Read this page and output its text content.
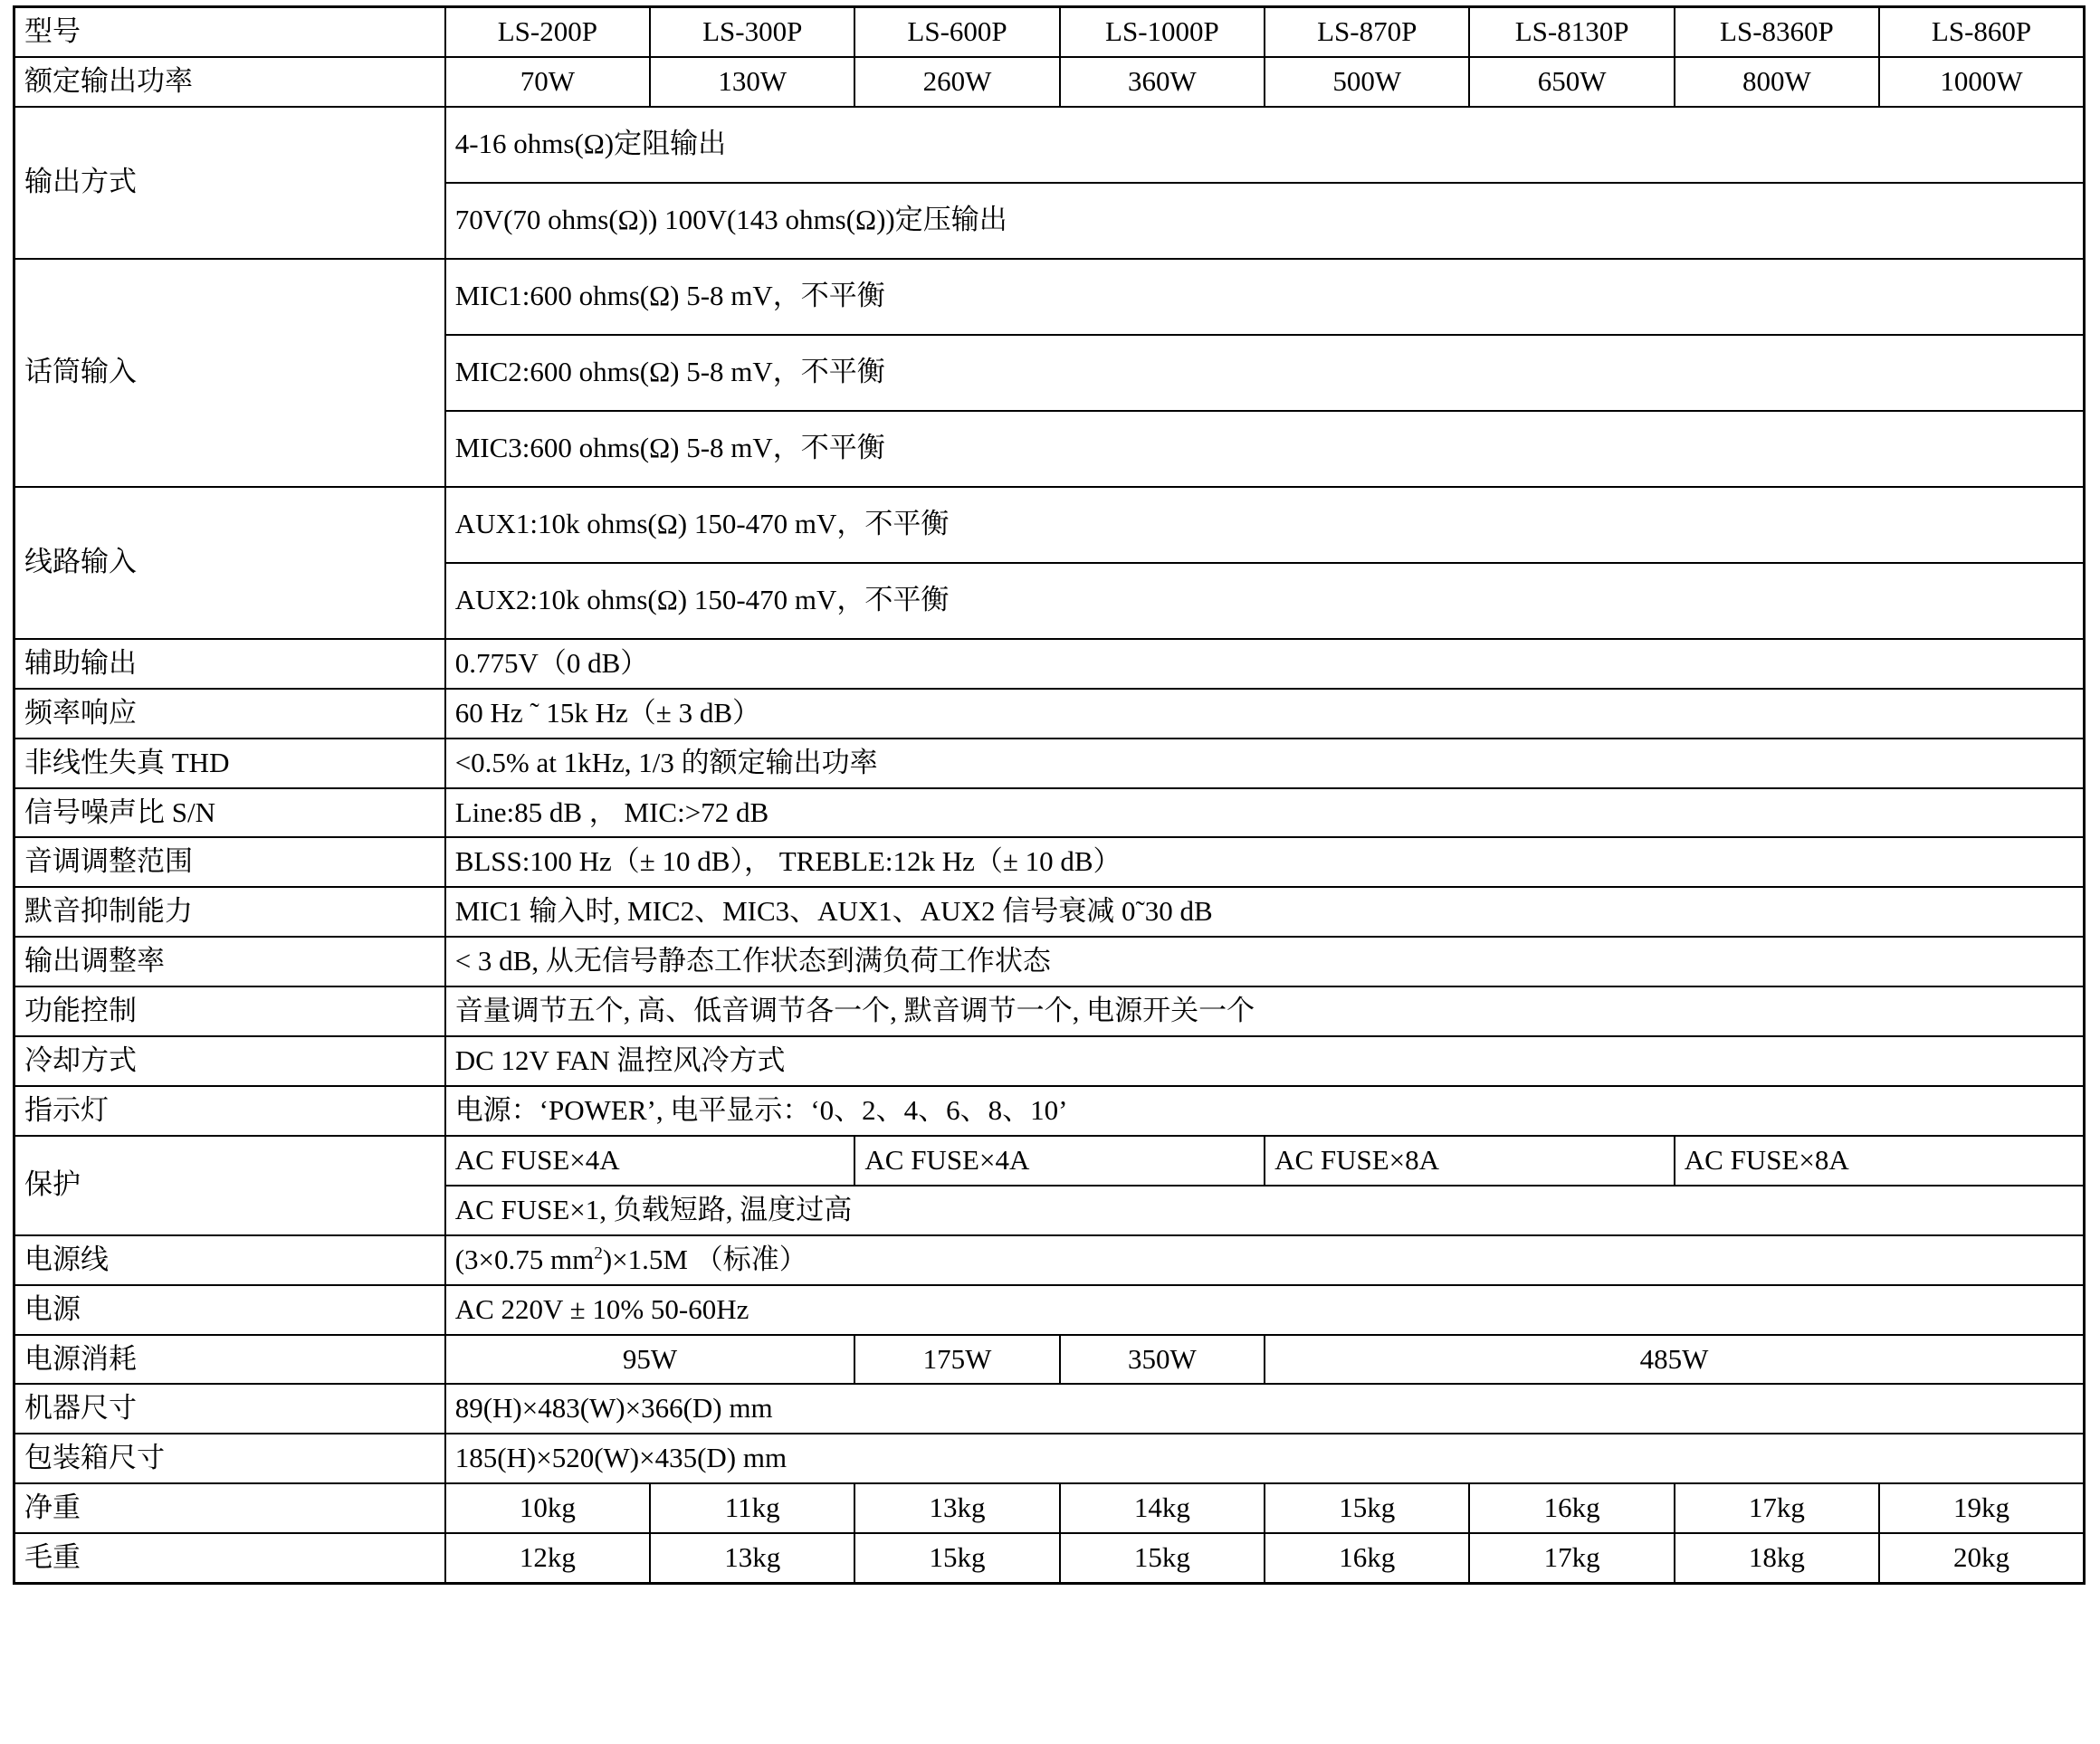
型号	LS-200P	LS-300P	LS-600P	LS-1000P	LS-870P	LS-8130P	LS-8360P	LS-860P
额定输出功率	70W	130W	260W	360W	500W	650W	800W	1000W
输出方式	4-16 ohms(Ω)定阻输出							
	70V(70 ohms(Ω)) 100V(143 ohms(Ω))定压输出							
话筒输入	MIC1:600 ohms(Ω) 5-8 mV，不平衡							
	MIC2:600 ohms(Ω) 5-8 mV，不平衡							
	MIC3:600 ohms(Ω) 5-8 mV，不平衡							
线路输入	AUX1:10k ohms(Ω) 150-470 mV，不平衡							
	AUX2:10k ohms(Ω) 150-470 mV，不平衡							
辅助输出	0.775V（0 dB）							
频率响应	60 Hz ˜ 15k Hz（± 3 dB）							
非线性失真 THD	<0.5% at 1kHz, 1/3 的额定输出功率							
信号噪声比 S/N	Line:85 dB ， MIC:>72 dB							
音调调整范围	BLSS:100 Hz（± 10 dB）， TREBLE:12k Hz（± 10 dB）							
默音抑制能力	MIC1 输入时, MIC2、MIC3、AUX1、AUX2 信号衰减 0˜30 dB							
输出调整率	< 3 dB, 从无信号静态工作状态到满负荷工作状态							
功能控制	音量调节五个, 高、低音调节各一个, 默音调节一个, 电源开关一个							
冷却方式	DC 12V FAN 温控风冷方式							
指示灯	电源：‘POWER’, 电平显示：‘0、2、4、6、8、10’							
保护	AC FUSE×4A		AC FUSE×4A		AC FUSE×8A		AC FUSE×8A	
	AC FUSE×1, 负载短路, 温度过高							
电源线	(3×0.75 $mm^2)\times 1.5M$ （标准）							
电源	AC 220V ± 10% 50-60Hz							
电源消耗	95W		175W	350W	485W			
机器尺寸	89(H)×483(W)×366(D) mm							
包装箱尺寸	185(H)×520(W)×435(D) mm							
净重	10kg	11kg	13kg	14kg	15kg	16kg	17kg	19kg
毛重	12kg	13kg	15kg	15kg	16kg	17kg	18kg	20kg
